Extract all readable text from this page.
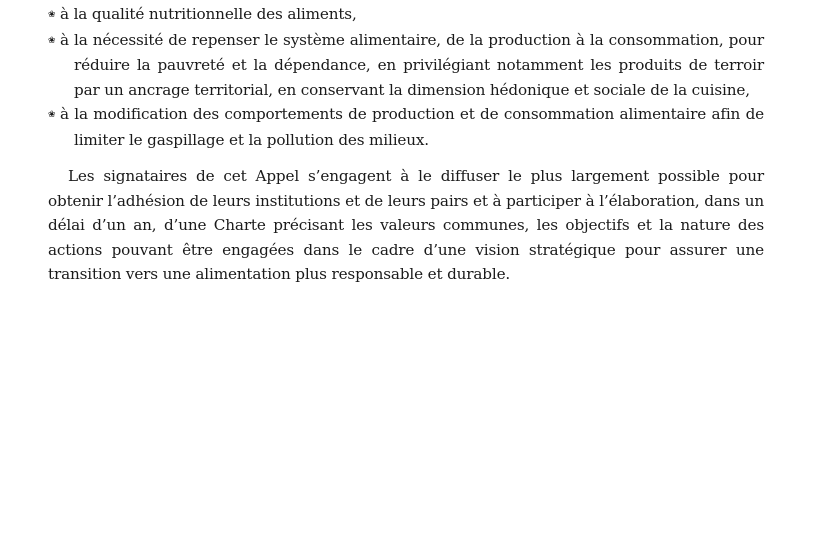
❀ à la qualité nutritionnelle des aliments,
❀ à la nécessité de repenser le système alimentaire, de la production à la consommation, pour réduire la pauvreté et la dépendance, en privilégiant notamment les produits de terroir par un ancrage territorial, en conservant la dimension hédonique et sociale de la cuisine,
❀ à la modification des comportements de production et de consommation alimentaire afin de limiter le gaspillage et la pollution des milieux.

Les signataires de cet Appel s’engagent à le diffuser le plus largement possible pour obtenir l’adhésion de leurs institutions et de leurs pairs et à participer à l’élaboration, dans un délai d’un an, d’une Charte précisant les valeurs communes, les objectifs et la nature des actions pouvant être engagées dans le cadre d’une vision stratégique pour assurer une transition vers une alimentation plus responsable et durable.
